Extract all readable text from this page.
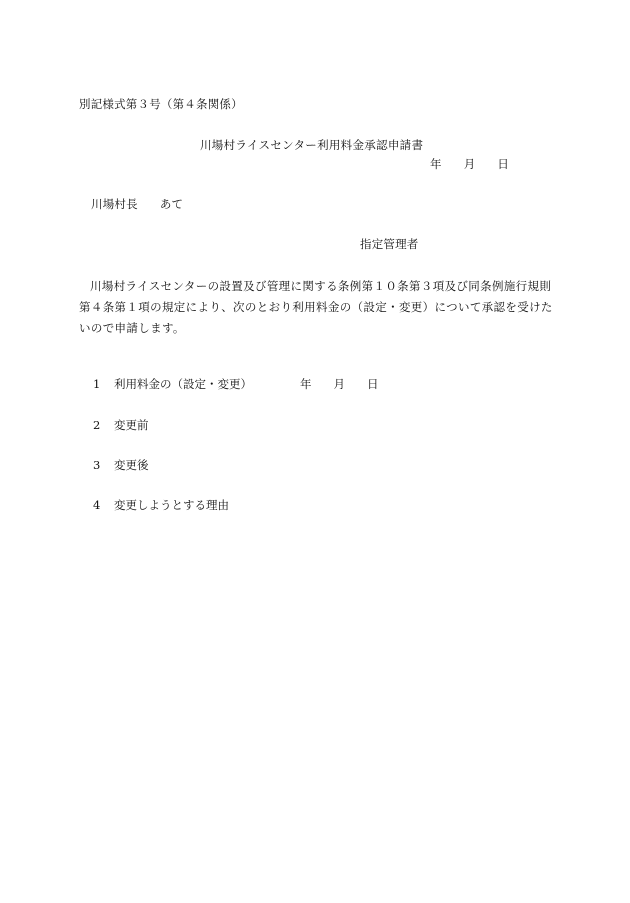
別記様式第３号（第４条関係）
川場村ライスセンター利用料金承認申請書
年 月 日
川場村長 あて
指定管理者
川場村ライスセンターの設置及び管理に関する条例第１０条第３項及び同条例施行規則第４条第１項の規定により、次のとおり利用料金の（設定・変更）について承認を受けたいので申請します。
1 利用料金の（設定・変更）	年 月 日
2 変更前
3 変更後
4 変更しようとする理由
